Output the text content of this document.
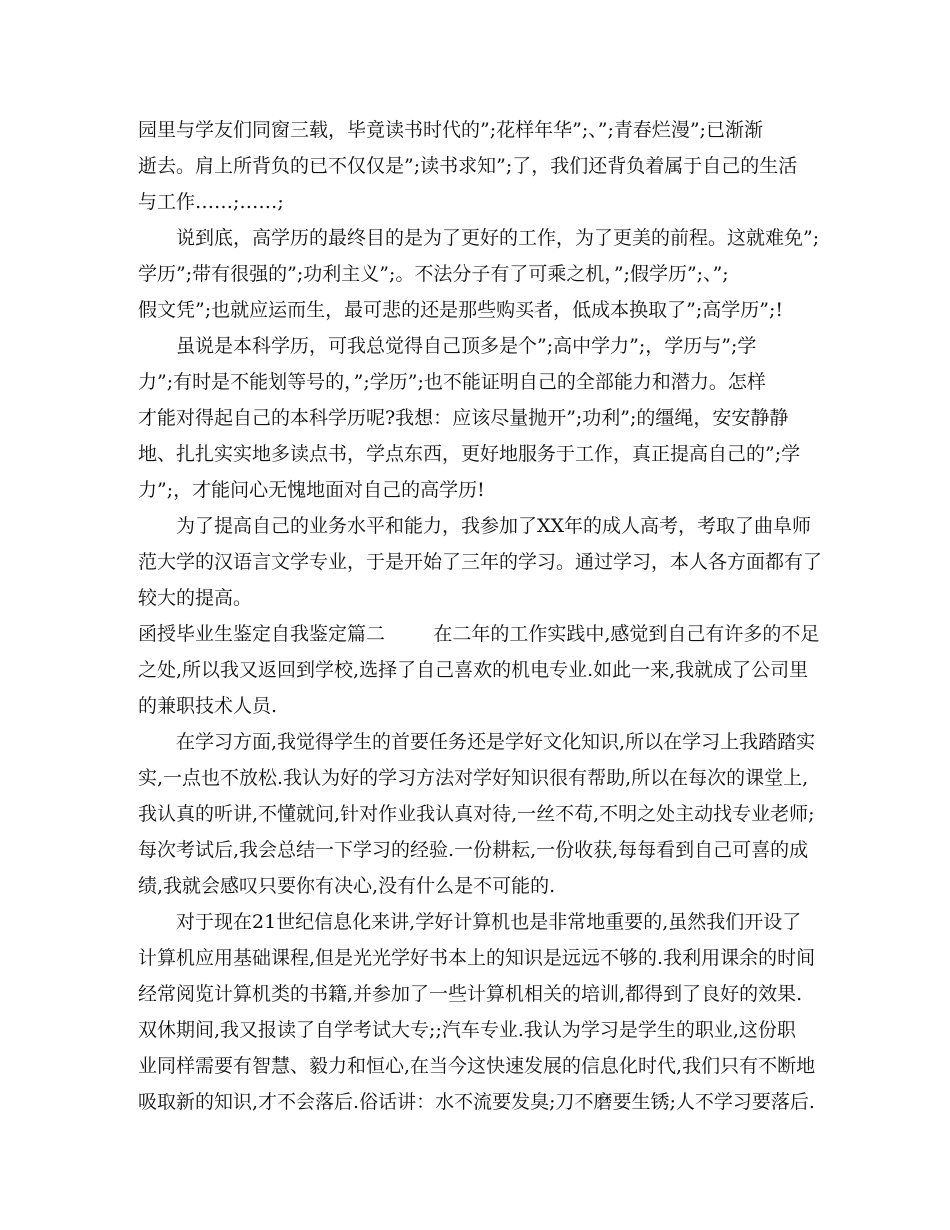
园里与学友们同窗三载，毕竟读书时代的”;花样年华”;、”;青春烂漫”;已渐渐
逝去。肩上所背负的已不仅仅是”;读书求知”;了，我们还背负着属于自己的生活
与工作……;……;
说到底，高学历的最终目的是为了更好的工作，为了更美的前程。这就难免”;
学历”;带有很强的”;功利主义”;。不法分子有了可乘之机，”;假学历”;、”;
假文凭”;也就应运而生，最可悲的还是那些购买者，低成本换取了”;高学历”;!
虽说是本科学历，可我总觉得自己顶多是个”;高中学力”;，学历与”;学
力”;有时是不能划等号的，”;学历”;也不能证明自己的全部能力和潜力。怎样
才能对得起自己的本科学历呢?我想：应该尽量抛开”;功利”;的缰绳，安安静静
地、扎扎实实地多读点书，学点东西，更好地服务于工作，真正提高自己的”;学
力”;，才能问心无愧地面对自己的高学历!
为了提高自己的业务水平和能力，我参加了XX年的成人高考，考取了曲阜师
范大学的汉语言文学专业，于是开始了三年的学习。通过学习，本人各方面都有了
较大的提高。
函授毕业生鉴定自我鉴定篇二        在二年的工作实践中,感觉到自己有许多的不足
之处,所以我又返回到学校,选择了自己喜欢的机电专业.如此一来,我就成了公司里
的兼职技术人员.
在学习方面,我觉得学生的首要任务还是学好文化知识,所以在学习上我踏踏实
实,一点也不放松.我认为好的学习方法对学好知识很有帮助,所以在每次的课堂上,
我认真的听讲,不懂就问,针对作业我认真对待,一丝不苟,不明之处主动找专业老师;
每次考试后,我会总结一下学习的经验.一份耕耘,一份收获,每每看到自己可喜的成
绩,我就会感叹只要你有决心,没有什么是不可能的.
对于现在21世纪信息化来讲,学好计算机也是非常地重要的,虽然我们开设了
计算机应用基础课程,但是光光学好书本上的知识是远远不够的.我利用课余的时间
经常阅览计算机类的书籍,并参加了一些计算机相关的培训,都得到了良好的效果.
双休期间,我又报读了自学考试大专;;汽车专业.我认为学习是学生的职业,这份职
业同样需要有智慧、毅力和恒心,在当今这快速发展的信息化时代,我们只有不断地
吸取新的知识,才不会落后.俗话讲：水不流要发臭;刀不磨要生锈;人不学习要落后.
